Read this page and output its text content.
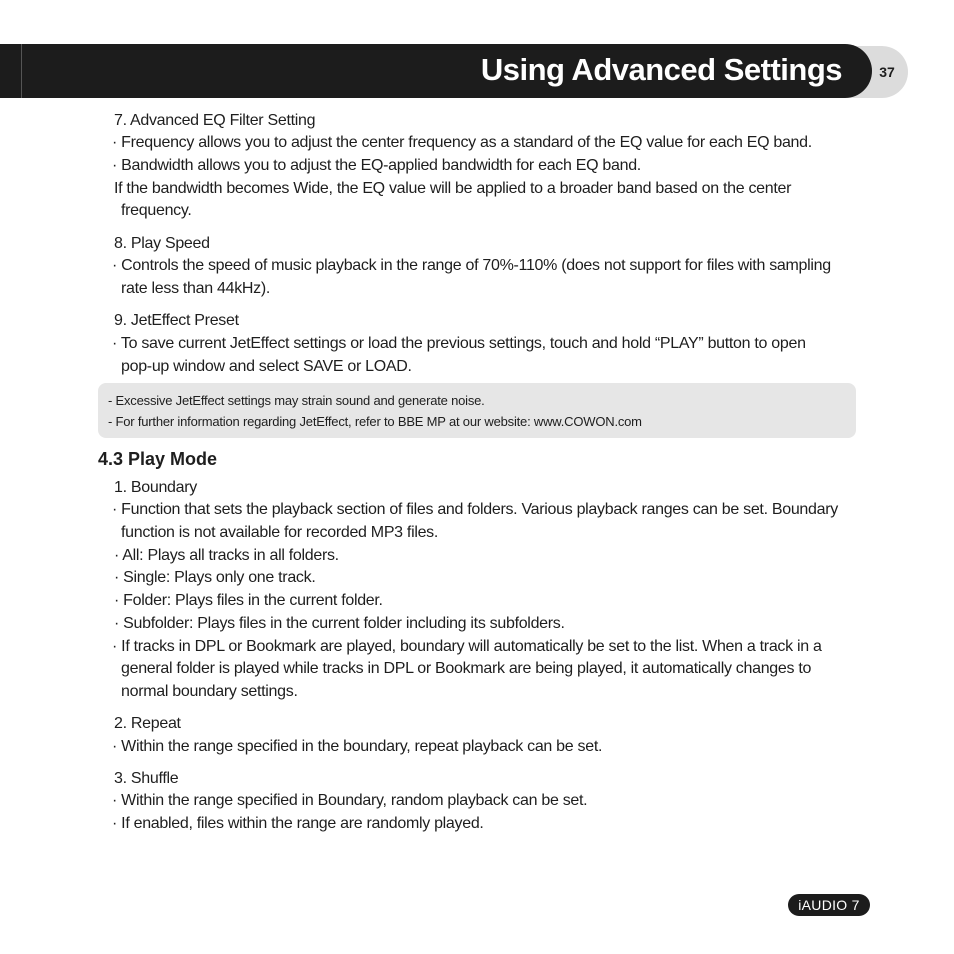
Using Advanced Settings	37
7. Advanced EQ Filter Setting
· Frequency allows you to adjust the center frequency as a standard of the EQ value for each EQ band.
· Bandwidth allows you to adjust the EQ-applied bandwidth for each EQ band.
If the bandwidth becomes Wide, the EQ value will be applied to a broader band based on the center
frequency.
8. Play Speed
· Controls the speed of music playback in the range of 70%-110% (does not support for files with sampling
rate less than 44kHz).
9. JetEffect Preset
· To save current JetEffect settings or load the previous settings, touch and hold “PLAY” button to open
pop-up window and select SAVE or LOAD.
- Excessive JetEffect settings may strain sound and generate noise.
- For further information regarding JetEffect, refer to BBE MP at our website: www.COWON.com
4.3 Play Mode
1. Boundary
· Function that sets the playback section of files and folders. Various playback ranges can be set. Boundary
function is not available for recorded MP3 files.
· All: Plays all tracks in all folders.
· Single: Plays only one track.
· Folder: Plays files in the current folder.
· Subfolder: Plays files in the current folder including its subfolders.
· If tracks in DPL or Bookmark are played, boundary will automatically be set to the list. When a track in a
general folder is played while tracks in DPL or Bookmark are being played, it automatically changes to
normal boundary settings.
2. Repeat
· Within the range specified in the boundary, repeat playback can be set.
3. Shuffle
· Within the range specified in Boundary, random playback can be set.
· If enabled, files within the range are randomly played.
iAUDIO 7
